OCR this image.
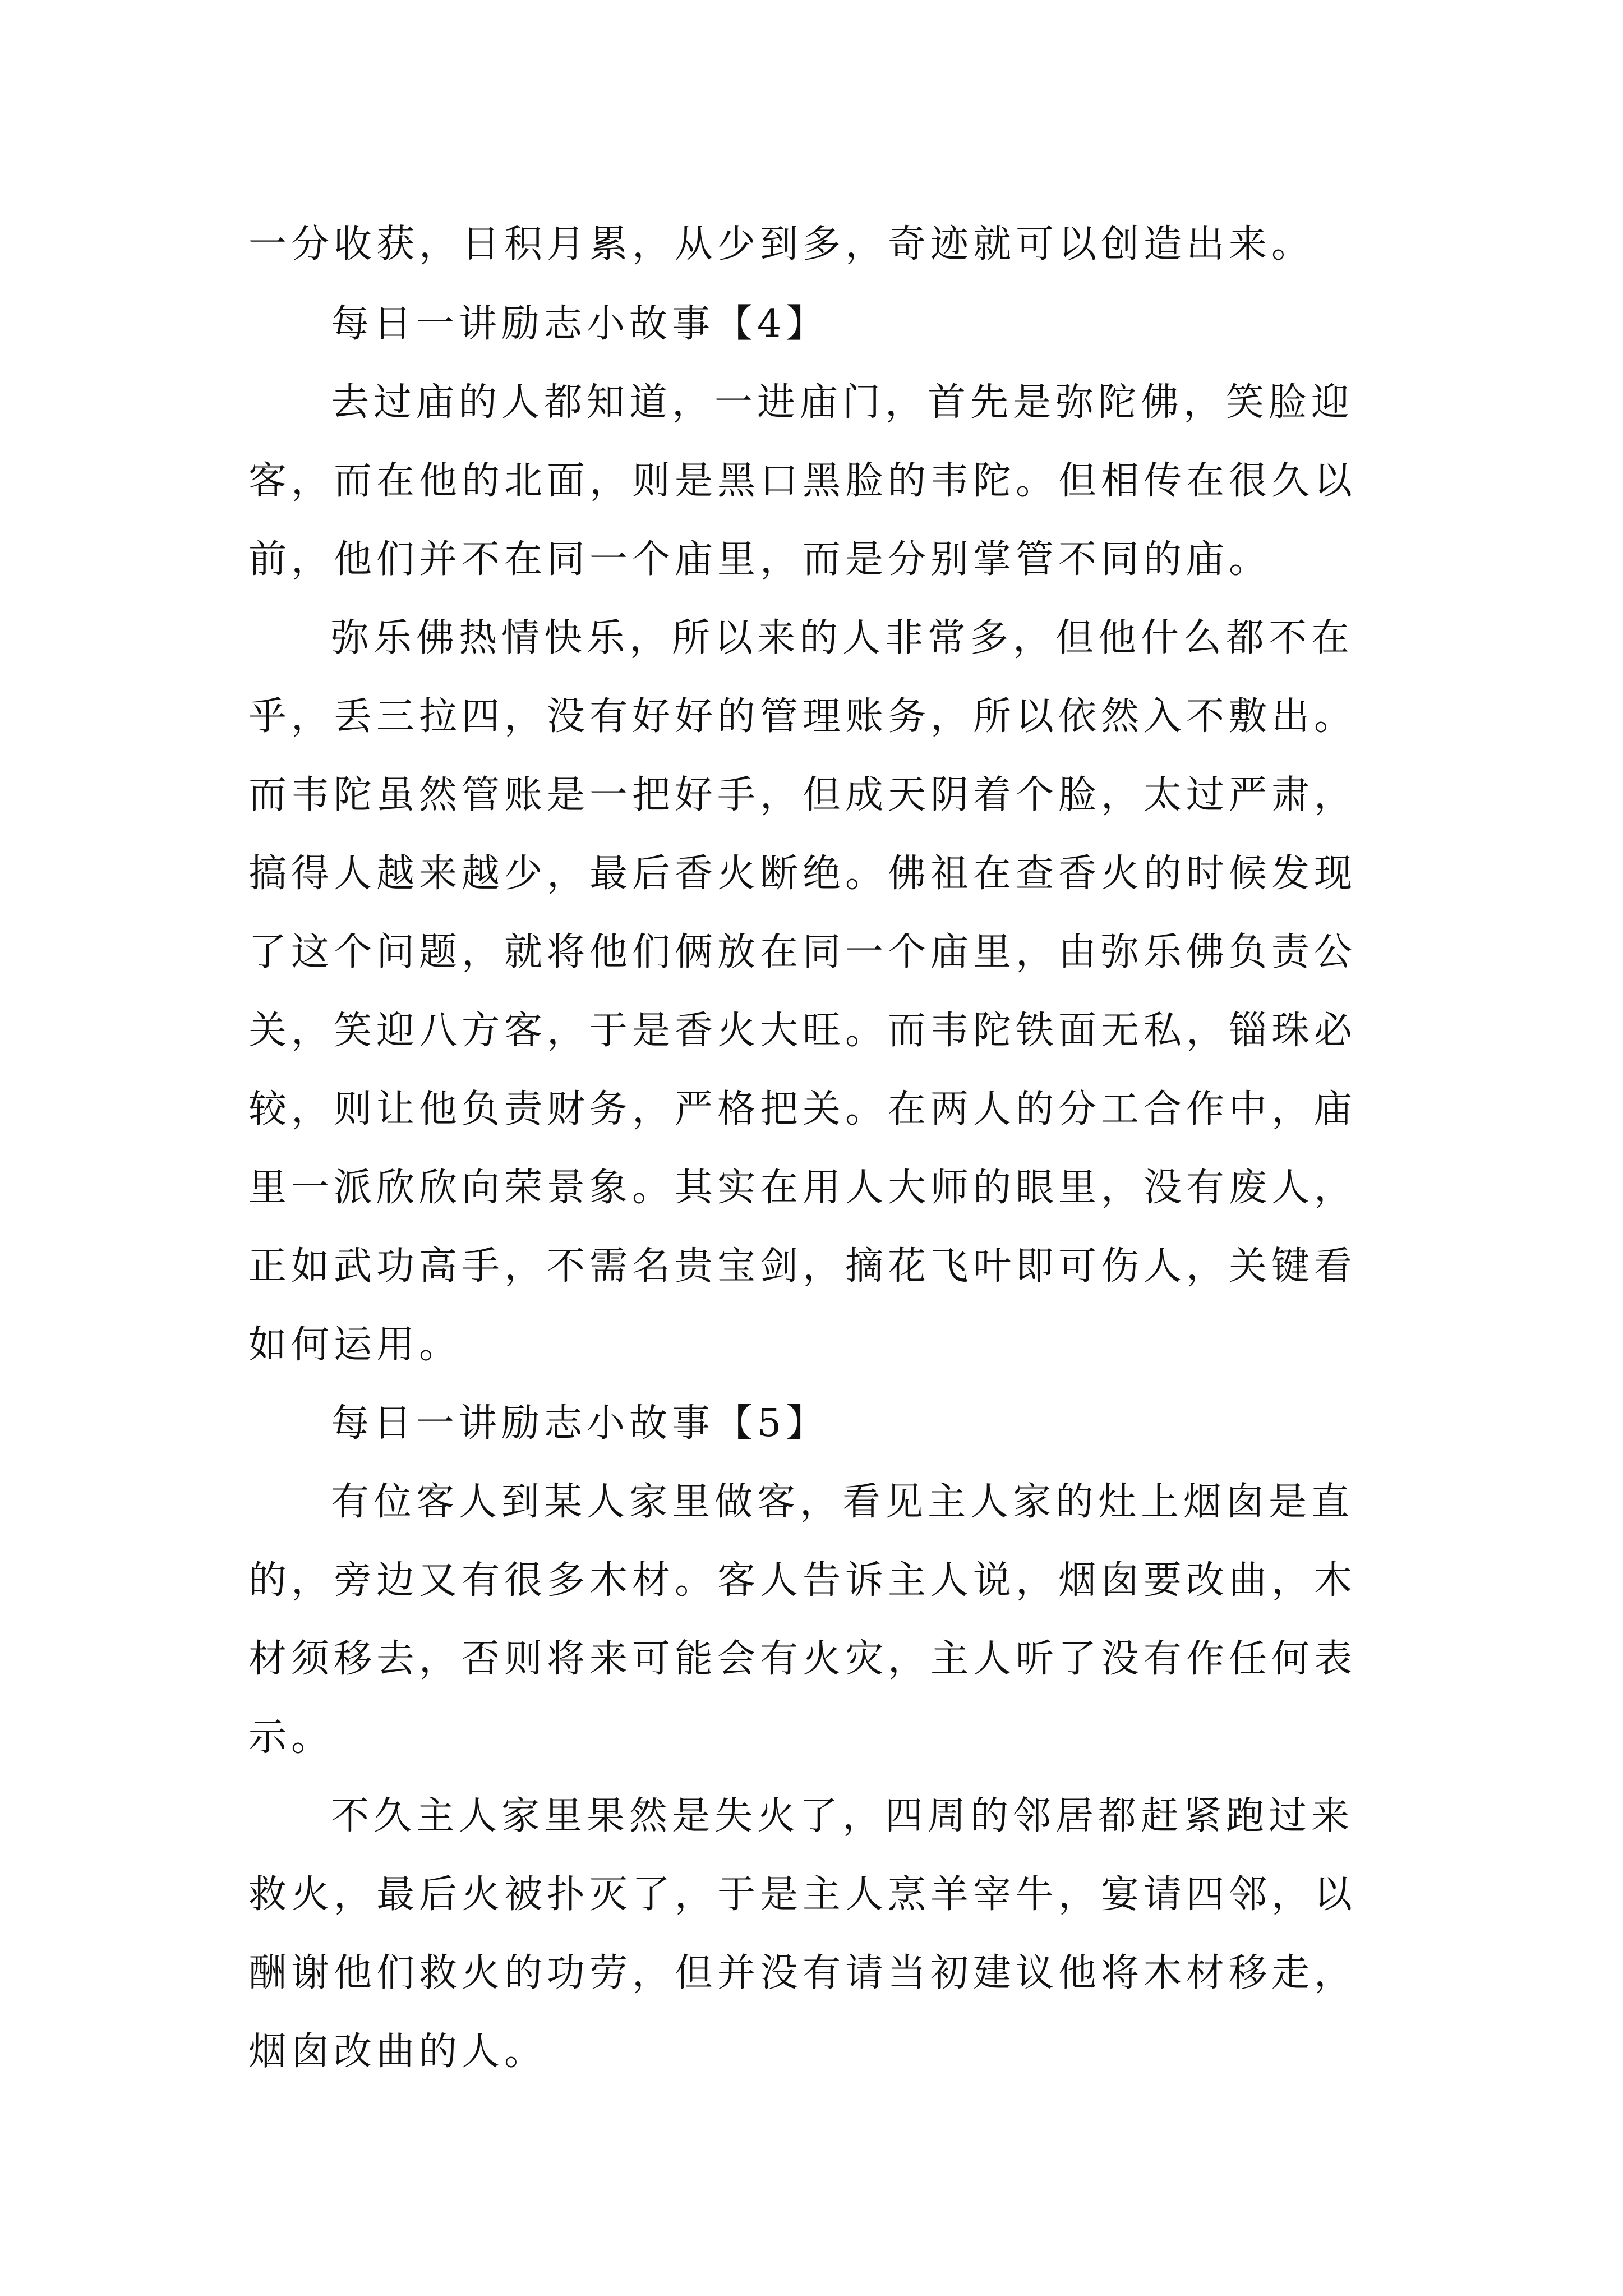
一分收获，日积月累，从少到多，奇迹就可以创造出来。
每日一讲励志小故事【4】
去过庙的人都知道，一进庙门，首先是弥陀佛，笑脸迎
客，而在他的北面，则是黑口黑脸的韦陀。但相传在很久以
前，他们并不在同一个庙里，而是分别掌管不同的庙。
弥乐佛热情快乐，所以来的人非常多，但他什么都不在
乎，丢三拉四，没有好好的管理账务，所以依然入不敷出。
而韦陀虽然管账是一把好手，但成天阴着个脸，太过严肃，
搞得人越来越少，最后香火断绝。佛祖在查香火的时候发现
了这个问题，就将他们俩放在同一个庙里，由弥乐佛负责公
关，笑迎八方客，于是香火大旺。而韦陀铁面无私，锱珠必
较，则让他负责财务，严格把关。在两人的分工合作中，庙
里一派欣欣向荣景象。其实在用人大师的眼里，没有废人，
正如武功高手，不需名贵宝剑，摘花飞叶即可伤人，关键看
如何运用。
每日一讲励志小故事【5】
有位客人到某人家里做客，看见主人家的灶上烟囱是直
的，旁边又有很多木材。客人告诉主人说，烟囱要改曲，木
材须移去，否则将来可能会有火灾，主人听了没有作任何表
示。
不久主人家里果然是失火了，四周的邻居都赶紧跑过来
救火，最后火被扑灭了，于是主人烹羊宰牛，宴请四邻，以
酬谢他们救火的功劳，但并没有请当初建议他将木材移走，
烟囱改曲的人。
